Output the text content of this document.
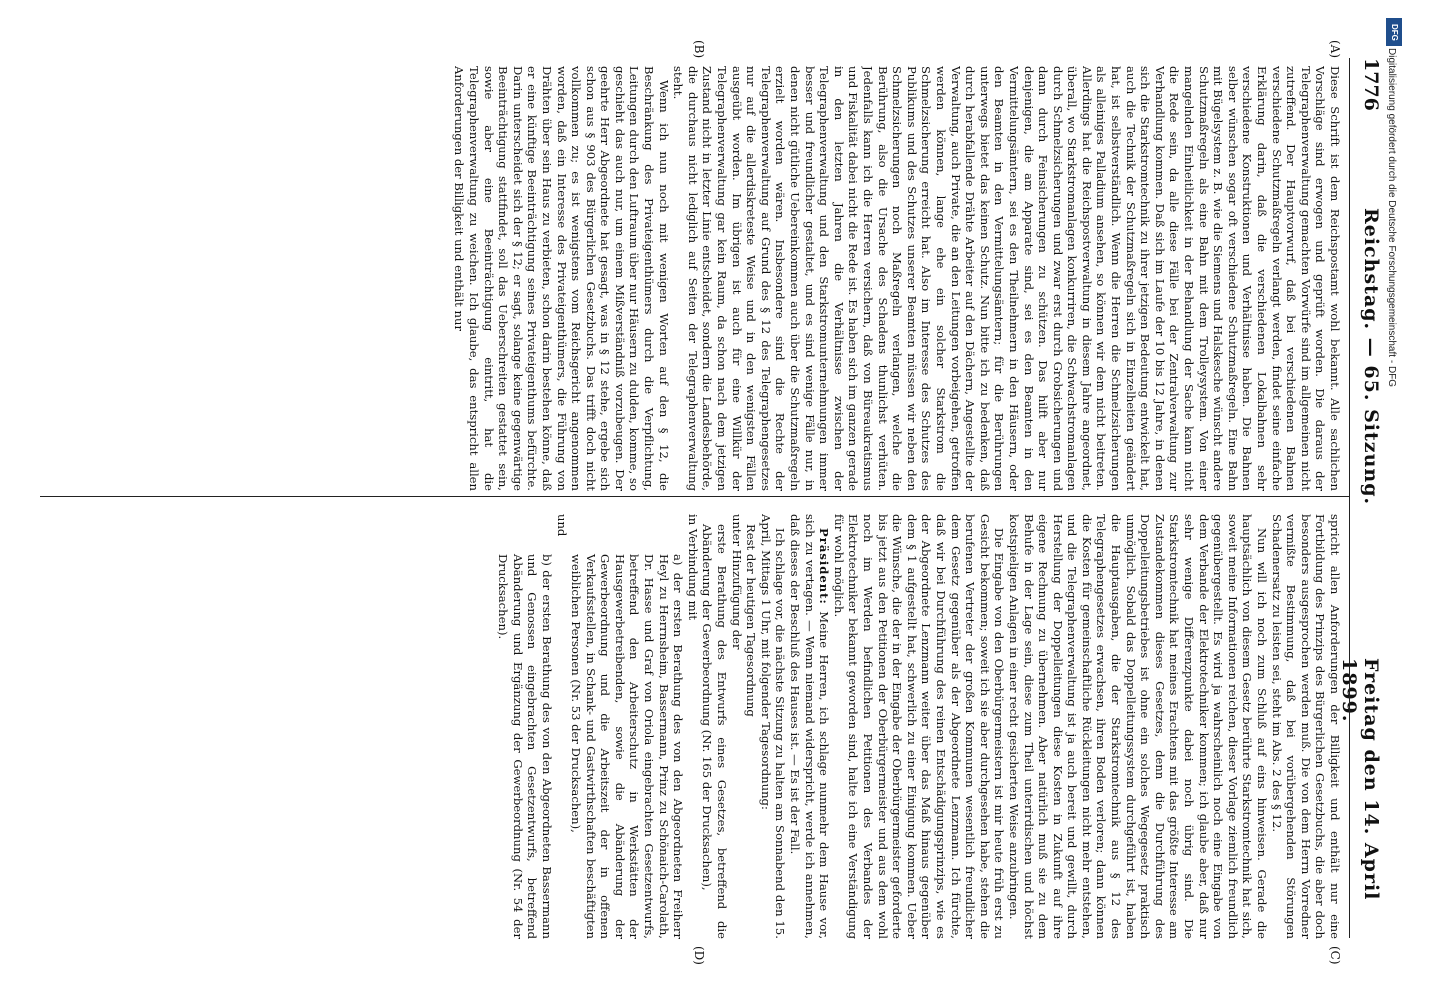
1776
Reichstag. — 65. Sitzung.
Freitag den 14. April 1899.
(A)
(B)
(C)
(D)

Diese Schrift ist dem Reichspostamt wohl bekannt. Alle sachlichen Vorschläge sind erwogen und geprüft worden. Die daraus der Telegraphenverwaltung gemachten Vorwürfe sind im allgemeinen nicht zutreffend. Der Hauptvorwurf, daß bei verschiedenen Bahnen verschiedene Schutzmaßregeln verlangt werden, findet seine einfache Erklärung darin, daß die verschiedenen Lokalbahnen sehr verschiedene Konstruktionen und Verhältnisse haben. Die Bahnen selber wünschen sogar oft verschiedene Schutzmaßregeln. Eine Bahn mit Bügelsystem z. B. wie die Siemens und Halskesche wünscht andere Schutzmaßregeln als eine Bahn mit dem Trolleysystem. Von einer mangelnden Einheitlichkeit in der Behandlung der Sache kann nicht die Rede sein, da alle diese Fälle bei der Zentralverwaltung zur Verhandlung kommen. Daß sich im Laufe der 10 bis 12 Jahre, in denen sich die Starkstromtechnik zu ihrer jetzigen Bedeutung entwickelt hat, auch die Technik der Schutzmaßregeln sich in Einzelheiten geändert hat, ist selbstverständlich. Wenn die Herren die Schmelzsicherungen als alleiniges Palladium ansehen, so können wir dem nicht beitreten. Allerdings hat die Reichspostverwaltung in diesem Jahre angeordnet, überall, wo Starkstromanlagen konkurriren, die Schwachstromanlagen durch Schmelzsicherungen und zwar erst durch Grobsicherungen und dann durch Feinsicherungen zu schützen. Das hilft aber nur denjenigen, die am Apparate sind, sei es den Beamten in den Vermittelungsämtern, sei es den Theilnehmern in den Häusern, oder den Beamten in den Vermittelungsämtern; für die Berührungen unterwegs bietet das keinen Schutz. Nun bitte ich zu bedenken, daß durch herabfallende Drähte Arbeiter auf den Dächern, Angestellte der Verwaltung, auch Private, die an den Leitungen vorbeigehen, getroffen werden können, lange ehe ein solcher Starkstrom die Schmelzsicherung erreicht hat. Also im Interesse des Schutzes des Publikums und des Schutzes unserer Beamten müssen wir neben den Schmelzsicherungen noch Maßregeln verlangen, welche die Berührung, also die Ursache des Schadens thunlichst verhüten. Jedenfalls kann ich die Herren versichern, daß von Büreaukratismus und Fiskalität dabei nicht die Rede ist. Es haben sich im ganzen gerade in den letzten Jahren die Verhältnisse zwischen der Telegraphenverwaltung und den Starkstromunternehmungen immer besser und freundlicher gestaltet, und es sind wenige Fälle nur, in denen nicht gütliche Uebereinkommen auch über die Schutzmaßregeln erzielt worden wären. Insbesondere sind die Rechte der Telegraphenverwaltung auf Grund des § 12 des Telegraphengesetzes nur auf die allerdiskreteste Weise und in den wenigsten Fällen ausgeübt worden. Im übrigen ist auch für eine Willkür der Telegraphenverwaltung gar kein Raum, da schon nach dem jetzigen Zustand nicht in letzter Linie entscheidet, sondern die Landesbehörde, die durchaus nicht lediglich auf Seiten der Telegraphenverwaltung steht.

Wenn ich nun noch mit wenigen Worten auf den § 12, die Beschränkung des Privateigenthümers durch die Verpflichtung, Leitungen durch den Luftraum über nur Häusern zu dulden, komme, so geschieht das auch nur, um einem Mißverständniß vorzubeugen. Der geehrte Herr Abgeordnete hat gesagt, was in § 12 stehe, ergebe sich schon aus § 903 des Bürgerlichen Gesetzbuchs. Das trifft doch nicht vollkommen zu; es ist wenigstens vom Reichsgericht angenommen worden, daß ein Interesse des Privateigenthümers, die Führung von Drähten über sein Haus zu verbieten, schon darin bestehen könne, daß er eine künftige Beeinträchtigung seines Privateigenthums befürchte. Darin unterscheidet sich der § 12; er sagt, solange keine gegenwärtige Beeinträchtigung stattfindet, soll das Ueberschreiten gestattet sein, sowie aber eine Beeinträchtigung eintritt, hat die Telegraphenverwaltung zu weichen. Ich glaube, das entspricht allen Anforderungen der Billigkeit und enthält nur

spricht allen Anforderungen der Billigkeit und enthält nur eine Fortbildung des Prinzips des Bürgerlichen Gesetzbuchs, die aber doch besonders ausgesprochen werden muß. Die von dem Herrn Vorredner vermißte Bestimmung, daß bei vorübergehenden Störungen Schadenersatz zu leisten sei, steht im Abs. 2 des § 12.

Nun will ich noch zum Schluß auf eins hinweisen. Gerade die hauptsächlich von diesem Gesetz berührte Starkstromtechnik hat sich, soweit meine Informationen reichen, dieser Vorlage ziemlich freundlich gegenübergestellt. Es wird ja wahrscheinlich noch eine Eingabe von dem Verbande der Elektrotechniker kommen; ich glaube aber, daß nur sehr wenige Differenzpunkte dabei noch übrig sind. Die Starkstromtechnik hat meines Erachtens mit das größte Interesse am Zustandekommen dieses Gesetzes, denn die Durchführung des Doppelleitungsbetriebes ist ohne ein solches Wegegesetz praktisch unmöglich. Sobald das Doppelleitungssystem durchgeführt ist, haben die Hauptausgaben, die der Starkstromtechnik aus § 12 des Telegraphengesetzes erwachsen, ihren Boden verloren; dann können die Kosten für gemeinschaftliche Rückleitungen nicht mehr entstehen, und die Telegraphenverwaltung ist ja auch bereit und gewillt, durch Herstellung der Doppelleitungen diese Kosten in Zukunft auf ihre eigene Rechnung zu übernehmen. Aber natürlich muß sie zu dem Behufe in der Lage sein, diese zum Theil unterirdischen und höchst kostspieligen Anlagen in einer recht gesicherten Weise anzubringen.

Die Eingabe von den Oberbürgermeistern ist mir heute früh erst zu Gesicht bekommen; soweit ich sie aber durchgesehen habe, stehen die berufenen Vertreter der großen Kommunen wesentlich freundlicher dem Gesetz gegenüber als der Abgeordnete Lenzmann. Ich fürchte, daß wir bei Durchführung des reinen Entschädigungsprinzips, wie es der Abgeordnete Lenzmann weiter über das Maß hinaus gegenüber dem § 1 aufgestellt hat, schwerlich zu einer Einigung kommen. Ueber die Wünsche, die der in der Eingabe der Oberbürgermeister geforderte bis jetzt aus den Petitionen der Oberbürgermeister und aus dem wohl noch im Werden befindlichen Petitionen des Verbandes der Elektrotechniker bekannt geworden sind, halte ich eine Verständigung für wohl möglich.

Präsident: Meine Herren, ich schlage nunmehr dem Hause vor, sich zu vertagen. — Wenn niemand widerspricht, werde ich annehmen, daß dieses der Beschluß des Hauses ist. — Es ist der Fall.

Ich schlage vor, die nächste Sitzung zu halten am Sonnabend den 15. April, Mittags 1 Uhr, mit folgender Tagesordnung:

Rest der heutigen Tagesordnung
unter Hinzufügung der
erste Berathung des Entwurfs eines Gesetzes, betreffend die Abänderung der Gewerbeordnung (Nr. 165 der Drucksachen),
in Verbindung mit
a) der ersten Berathung des von den Abgeordneten Freiherr Heyl zu Herrnsheim, Bassermann, Prinz zu Schönaich-Carolath, Dr. Hasse und Graf von Oriola eingebrachten Gesetzentwurfs, betreffend den Arbeiterschutz in Werkstätten der Hausgewerbetreibenden, sowie die Abänderung der Gewerbeordnung und die Arbeitszeit der in offenen Verkaufsstellen, in Schank- und Gastwirthschaften beschäftigten weiblichen Personen (Nr. 53 der Drucksachen),
und
b) der ersten Berathung des von den Abgeordneten Bassermann und Genossen eingebrachten Gesetzentwurfs, betreffend Abänderung und Ergänzung der Gewerbeordnung (Nr. 54 der Drucksachen).
DFG
Digitalisierung gefördert durch die Deutsche Forschungsgemeinschaft - DFG
